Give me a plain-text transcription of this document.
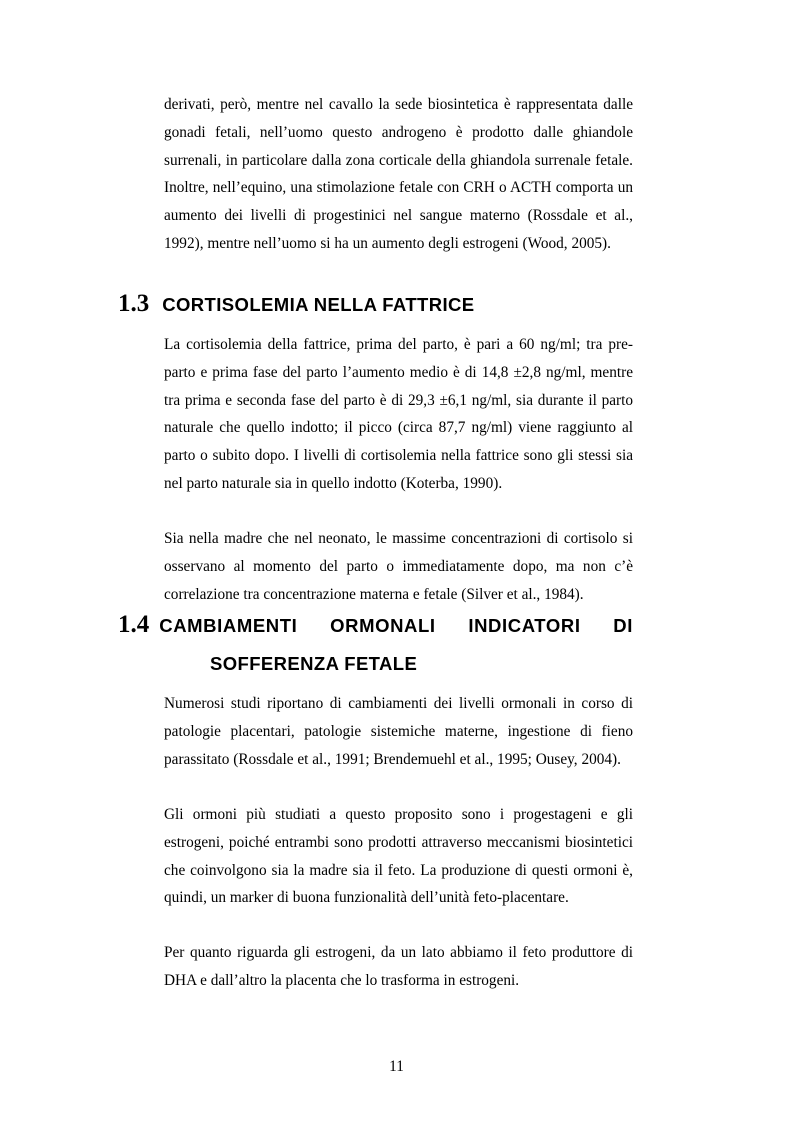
derivati, però, mentre nel cavallo la sede biosintetica è rappresentata dalle gonadi fetali, nell’uomo questo androgeno è prodotto dalle ghiandole surrenali, in particolare dalla zona corticale della ghiandola surrenale fetale. Inoltre, nell’equino, una stimolazione fetale con CRH o ACTH comporta un aumento dei livelli di progestinici nel sangue materno (Rossdale et al., 1992), mentre nell’uomo si ha un aumento degli estrogeni (Wood, 2005).

1.3 CORTISOLEMIA NELLA FATTRICE

La cortisolemia della fattrice, prima del parto, è pari a 60 ng/ml; tra pre-parto e prima fase del parto l’aumento medio è di 14,8 ±2,8 ng/ml, mentre tra prima e seconda fase del parto è di 29,3 ±6,1 ng/ml, sia durante il parto naturale che quello indotto; il picco (circa 87,7 ng/ml) viene raggiunto al parto o subito dopo. I livelli di cortisolemia nella fattrice sono gli stessi sia nel parto naturale sia in quello indotto (Koterba, 1990).

Sia nella madre che nel neonato, le massime concentrazioni di cortisolo si osservano al momento del parto o immediatamente dopo, ma non c’è correlazione tra concentrazione materna e fetale (Silver et al., 1984).

1.4 CAMBIAMENTI ORMONALI INDICATORI DI
SOFFERENZA FETALE

Numerosi studi riportano di cambiamenti dei livelli ormonali in corso di patologie placentari, patologie sistemiche materne, ingestione di fieno parassitato (Rossdale et al., 1991; Brendemuehl et al., 1995; Ousey, 2004).

Gli ormoni più studiati a questo proposito sono i progestageni e gli estrogeni, poiché entrambi sono prodotti attraverso meccanismi biosintetici che coinvolgono sia la madre sia il feto. La produzione di questi ormoni è, quindi, un marker di buona funzionalità dell’unità feto-placentare.

Per quanto riguarda gli estrogeni, da un lato abbiamo il feto produttore di DHA e dall’altro la placenta che lo trasforma in estrogeni.

11
